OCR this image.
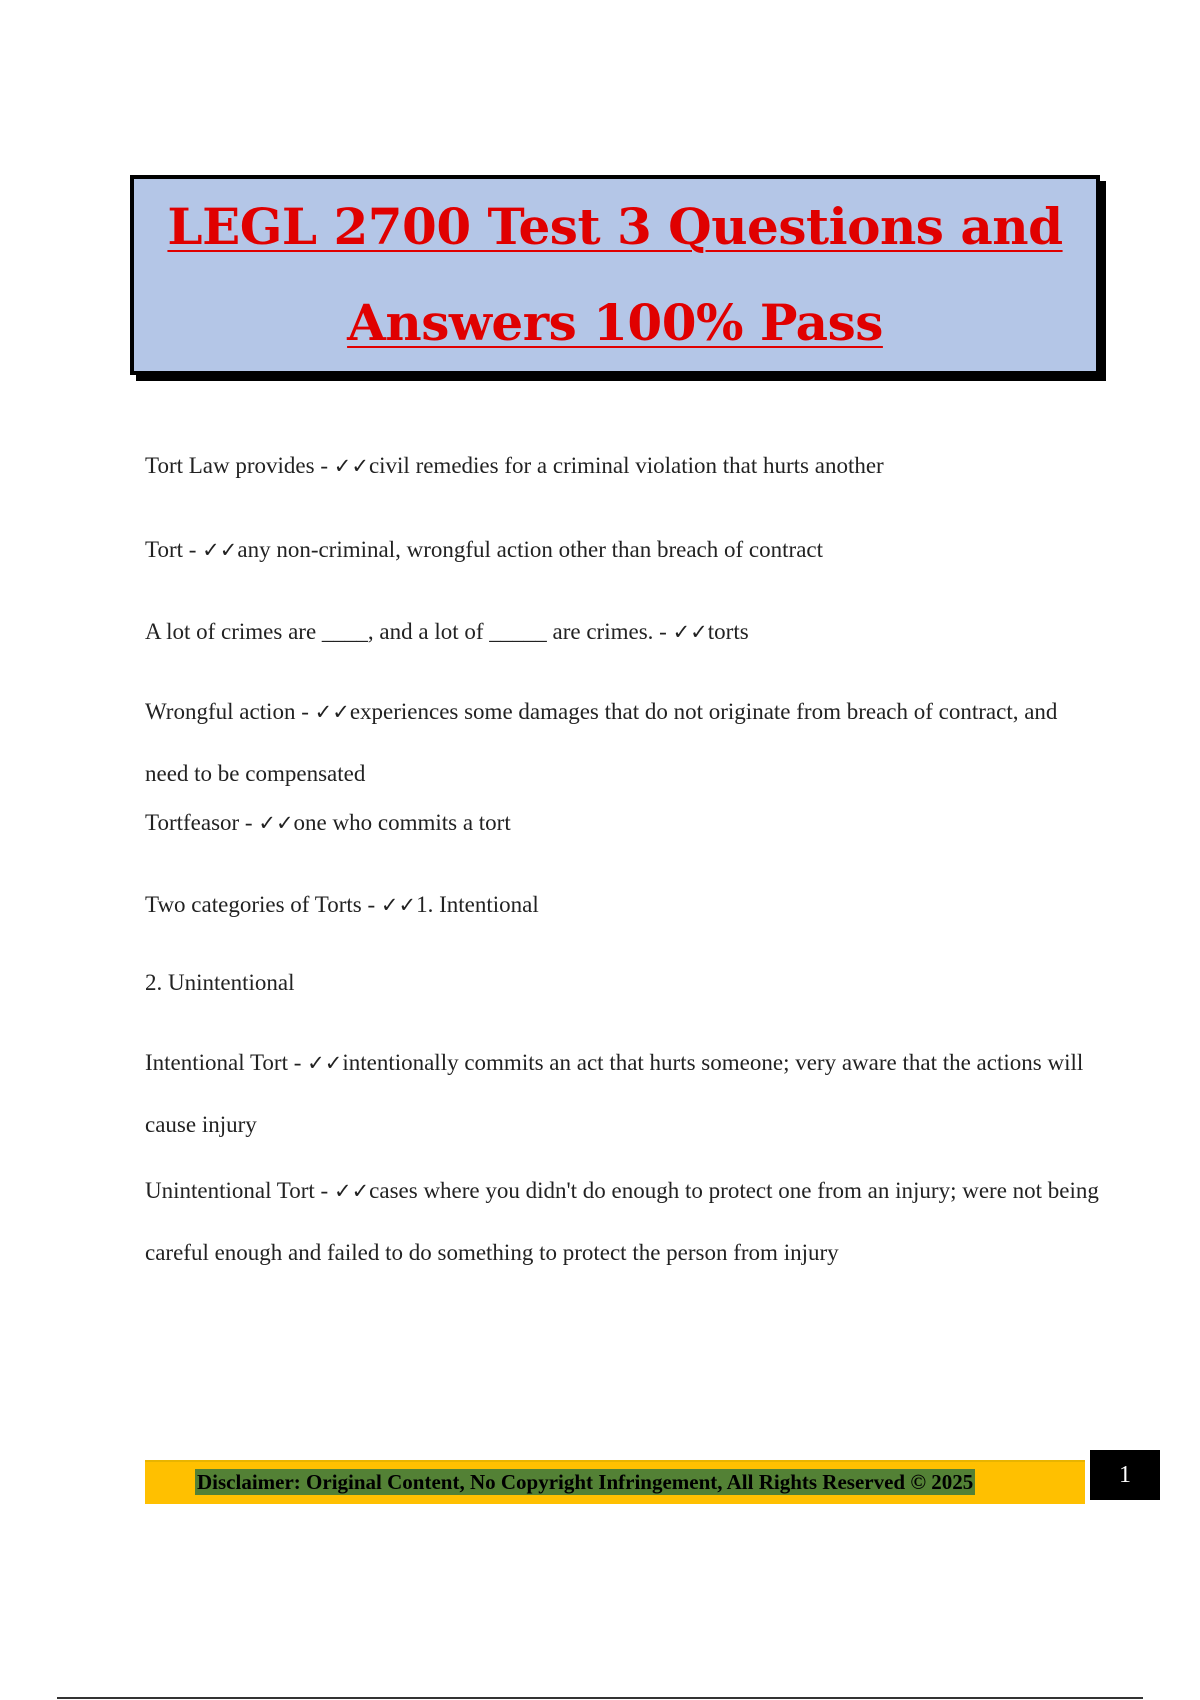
LEGL 2700 Test 3 Questions and
Answers 100% Pass
Tort Law provides - ✓✓civil remedies for a criminal violation that hurts another
Tort - ✓✓any non-criminal, wrongful action other than breach of contract
A lot of crimes are ____, and a lot of _____ are crimes. - ✓✓torts
Wrongful action - ✓✓experiences some damages that do not originate from breach of contract, and need to be compensated
Tortfeasor - ✓✓one who commits a tort
Two categories of Torts - ✓✓1. Intentional
2. Unintentional
Intentional Tort - ✓✓intentionally commits an act that hurts someone; very aware that the actions will cause injury
Unintentional Tort - ✓✓cases where you didn't do enough to protect one from an injury; were not being careful enough and failed to do something to protect the person from injury
Disclaimer: Original Content, No Copyright Infringement, All Rights Reserved © 2025	1
